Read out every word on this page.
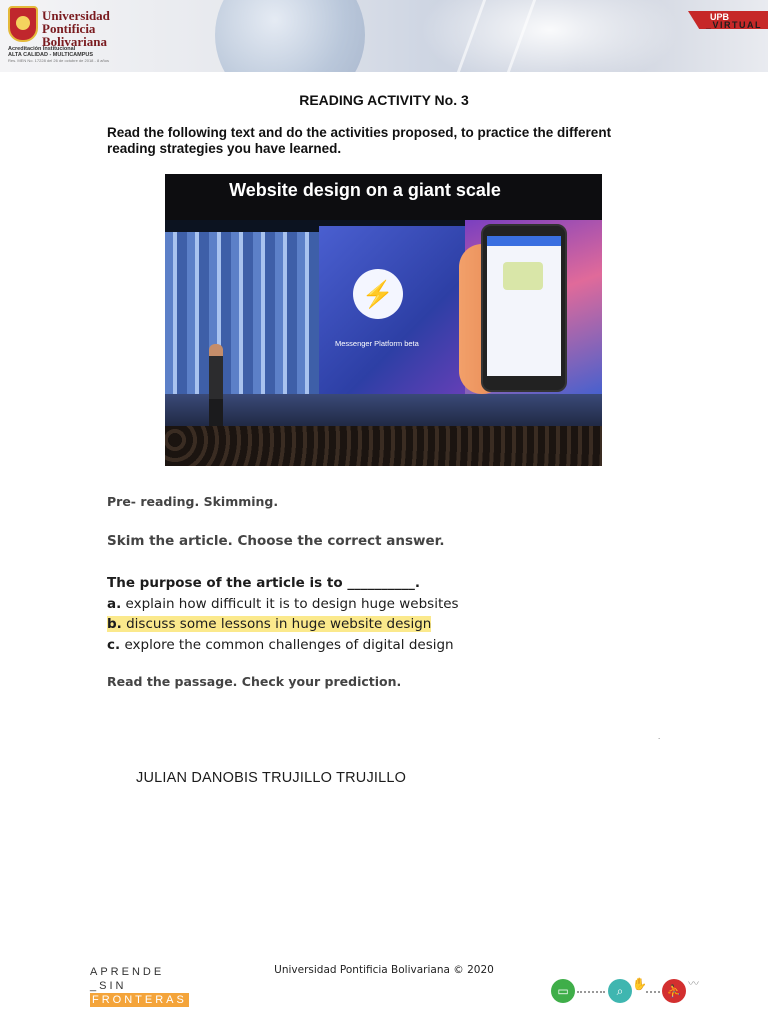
Universidad Pontificia Bolivariana
Acreditación Institucional
ALTA CALIDAD - MULTICAMPUS
Res. MEN No. 17228 del 26 de octubre de 2018 - 8 años
UPB
_VIRTUAL
READING ACTIVITY No. 3
Read the following text and do the activities proposed, to practice the different reading strategies you have learned.
Website design on a giant scale
⚡
Messenger Platform beta
Pre- reading. Skimming.
Skim the article. Choose the correct answer.
The purpose of the article is to __________.
a. explain how difficult it is to design huge websites
b. discuss some lessons in huge website design
c. explore the common challenges of digital design
Read the passage. Check your prediction.
.
JULIAN DANOBIS TRUJILLO TRUJILLO
APRENDE
_SIN
FRONTERAS
Universidad Pontificia Bolivariana © 2020
▭	⌕ ✋	⛹ 〰
